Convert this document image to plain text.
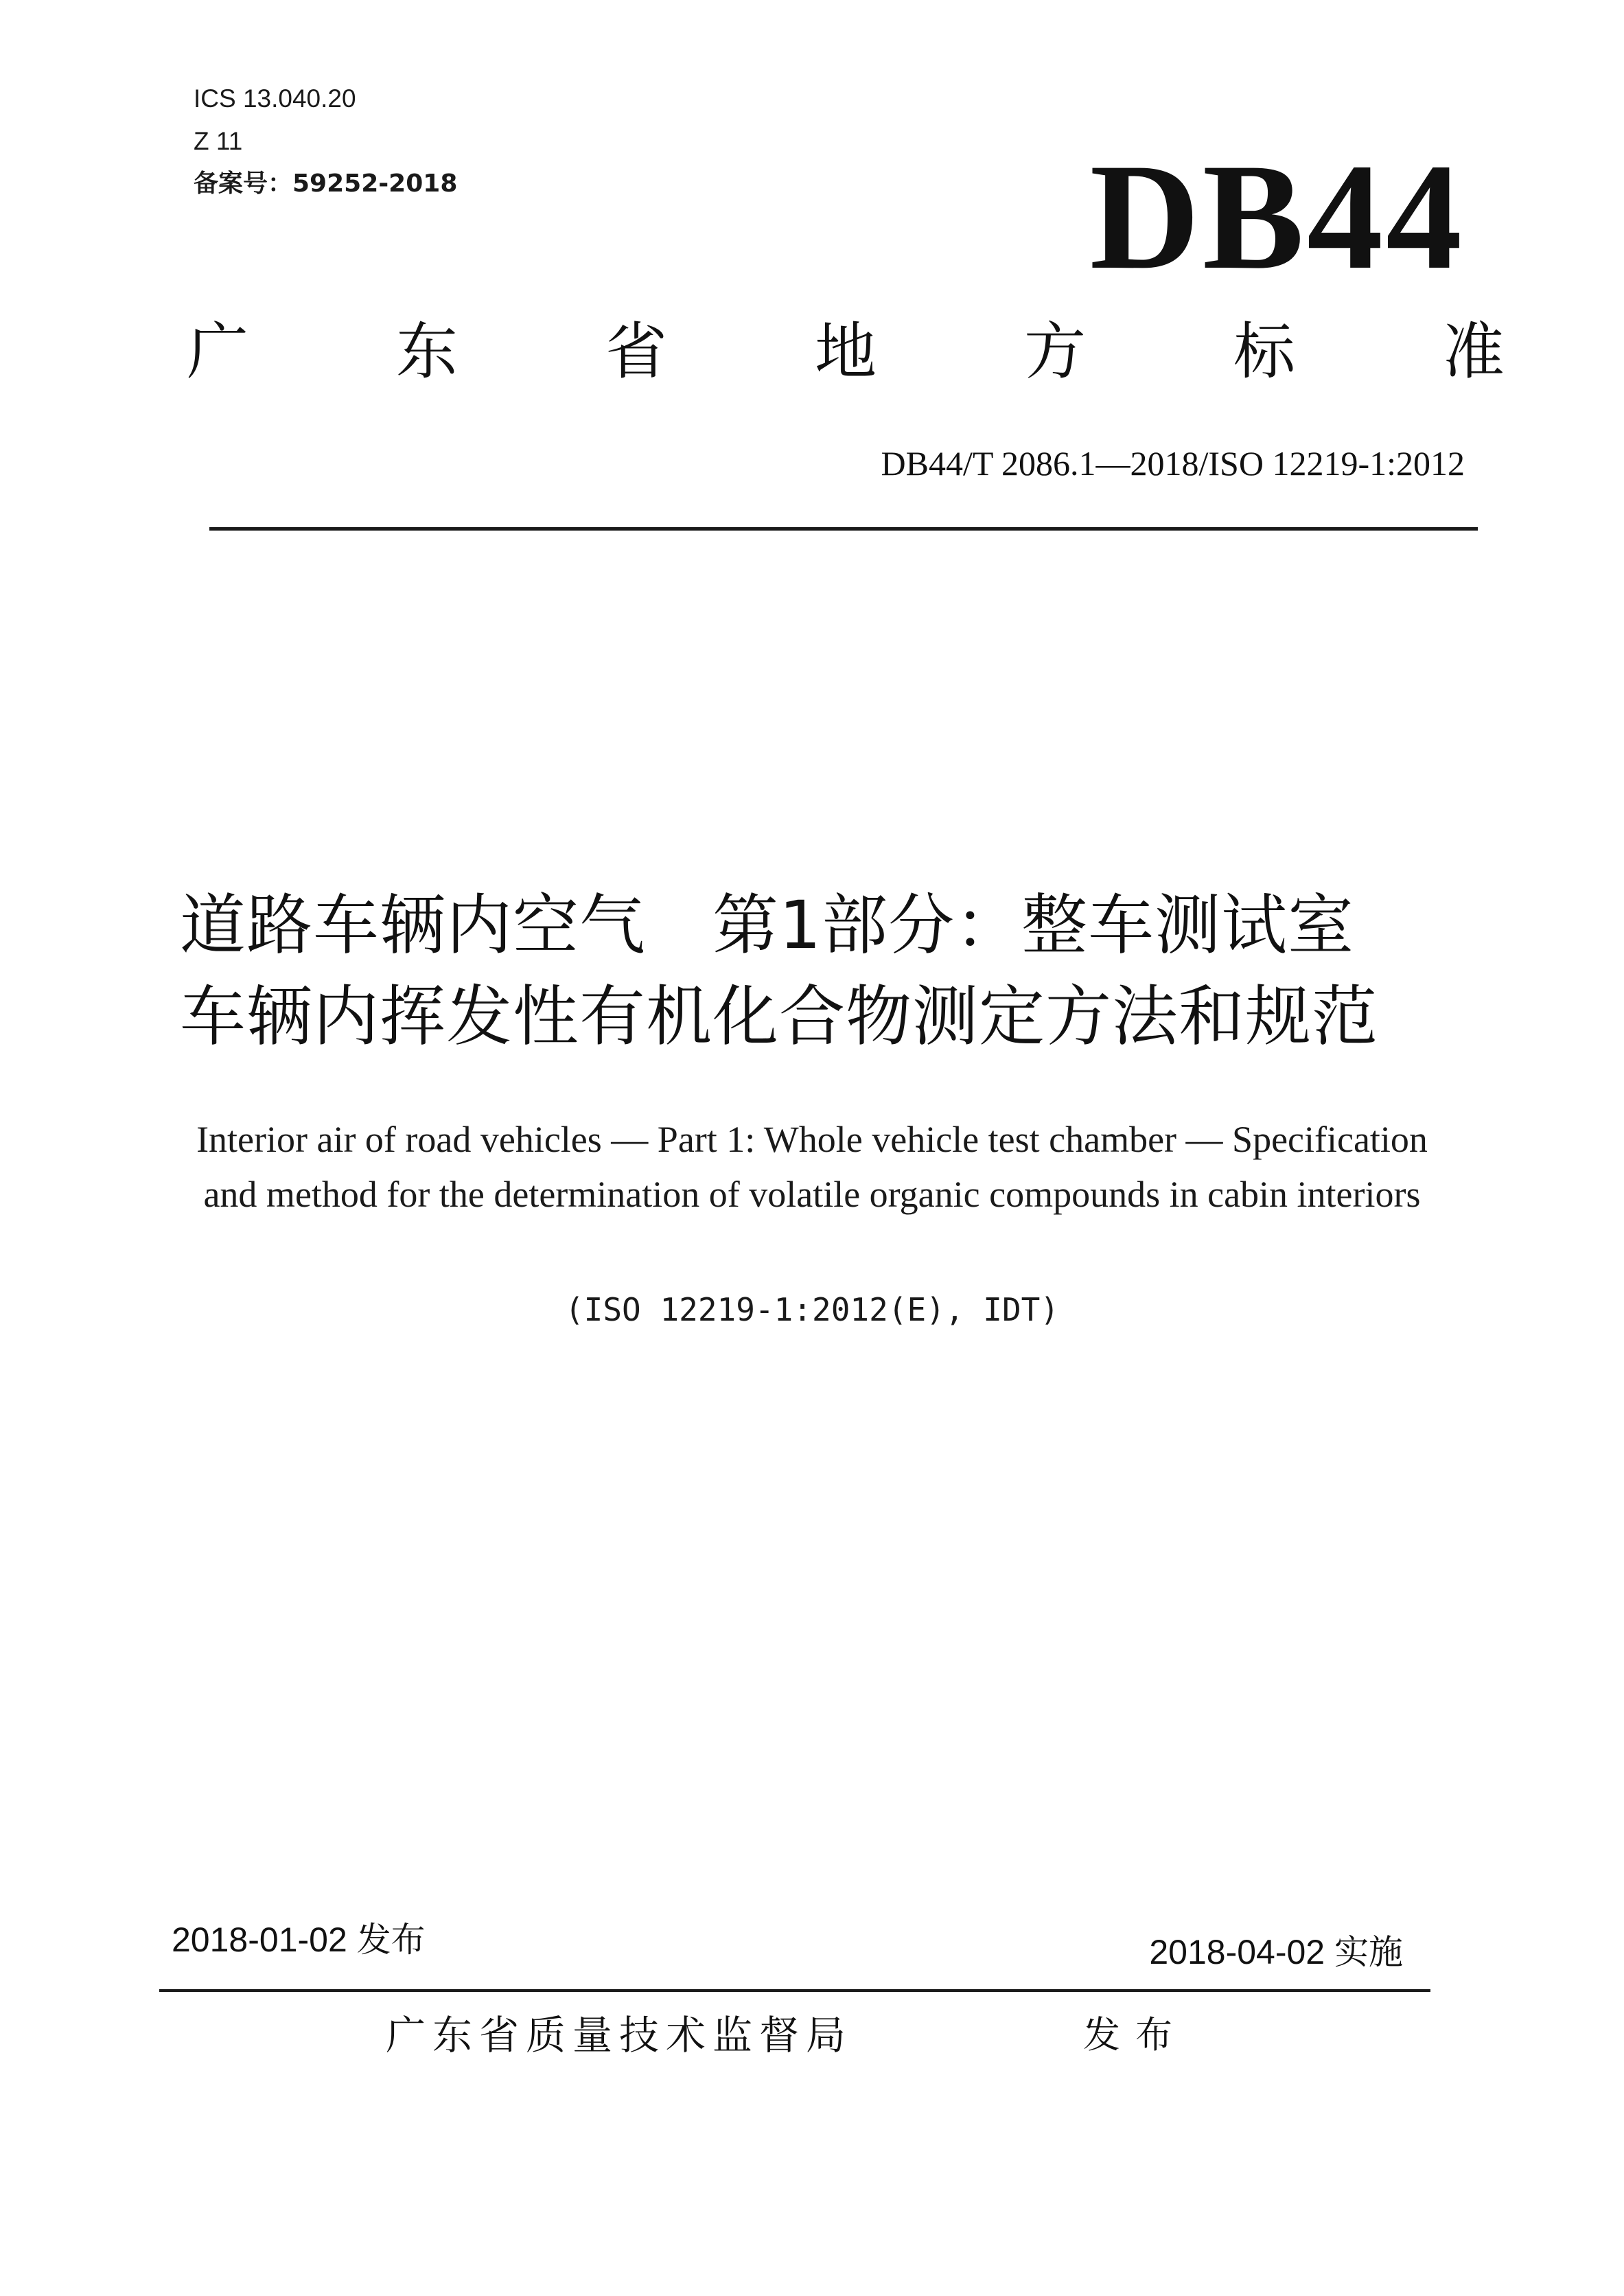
ICS 13.040.20
Z 11
备案号：59252-2018	DB44
广 东 省 地 方 标 准
DB44/T 2086.1—2018/ISO 12219-1:2012
道路车辆内空气　第1部分：整车测试室
车辆内挥发性有机化合物测定方法和规范
Interior air of road vehicles — Part 1: Whole vehicle test chamber — Specification
and method for the determination of volatile organic compounds in cabin interiors
(ISO 12219-1:2012(E), IDT)
2018-01-02 发布	2018-04-02 实施
广东省质量技术监督局	发布
